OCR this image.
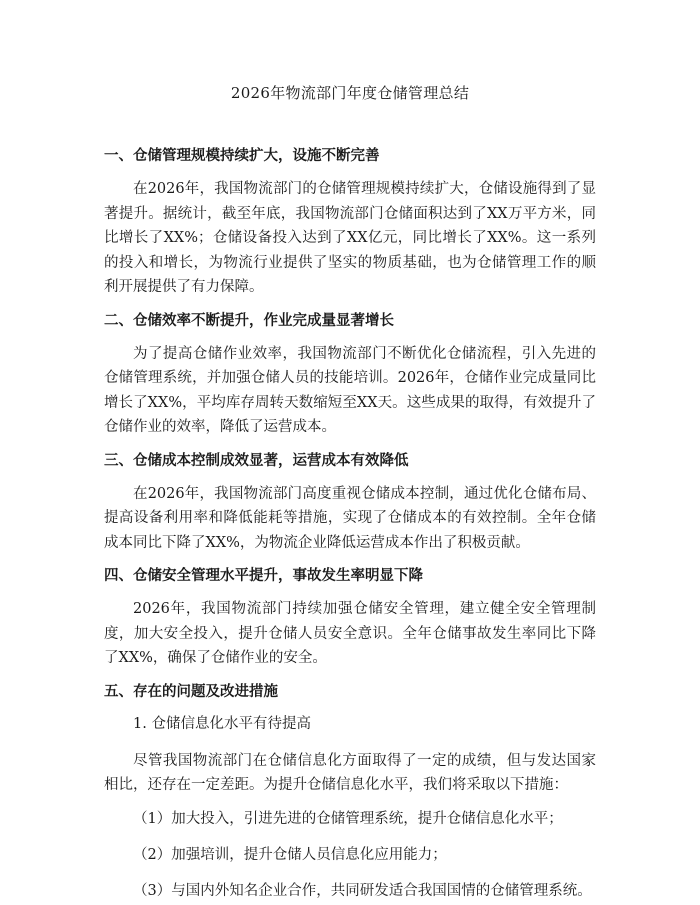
2026年物流部门年度仓储管理总结
一、仓储管理规模持续扩大，设施不断完善

在2026年，我国物流部门的仓储管理规模持续扩大，仓储设施得到了显著提升。据统计，截至年底，我国物流部门仓储面积达到了XX万平方米，同比增长了XX%；仓储设备投入达到了XX亿元，同比增长了XX%。这一系列的投入和增长，为物流行业提供了坚实的物质基础，也为仓储管理工作的顺利开展提供了有力保障。

二、仓储效率不断提升，作业完成量显著增长

为了提高仓储作业效率，我国物流部门不断优化仓储流程，引入先进的仓储管理系统，并加强仓储人员的技能培训。2026年，仓储作业完成量同比增长了XX%，平均库存周转天数缩短至XX天。这些成果的取得，有效提升了仓储作业的效率，降低了运营成本。

三、仓储成本控制成效显著，运营成本有效降低

在2026年，我国物流部门高度重视仓储成本控制，通过优化仓储布局、提高设备利用率和降低能耗等措施，实现了仓储成本的有效控制。全年仓储成本同比下降了XX%，为物流企业降低运营成本作出了积极贡献。

四、仓储安全管理水平提升，事故发生率明显下降

2026年，我国物流部门持续加强仓储安全管理，建立健全安全管理制度，加大安全投入，提升仓储人员安全意识。全年仓储事故发生率同比下降了XX%，确保了仓储作业的安全。

五、存在的问题及改进措施

1. 仓储信息化水平有待提高

尽管我国物流部门在仓储信息化方面取得了一定的成绩，但与发达国家相比，还存在一定差距。为提升仓储信息化水平，我们将采取以下措施：

（1）加大投入，引进先进的仓储管理系统，提升仓储信息化水平；

（2）加强培训，提升仓储人员信息化应用能力；

（3）与国内外知名企业合作，共同研发适合我国国情的仓储管理系统。
